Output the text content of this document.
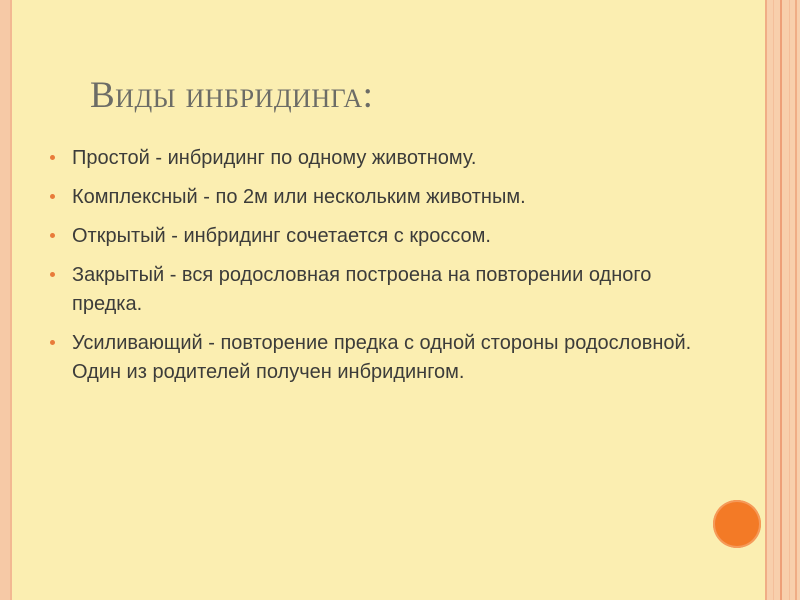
Виды инбридинга:
Простой - инбридинг по одному животному.
Комплексный - по 2м или нескольким животным.
Открытый - инбридинг сочетается с кроссом.
Закрытый - вся родословная построена на повторении одного предка.
Усиливающий - повторение предка с одной стороны родословной. Один из родителей получен инбридингом.
